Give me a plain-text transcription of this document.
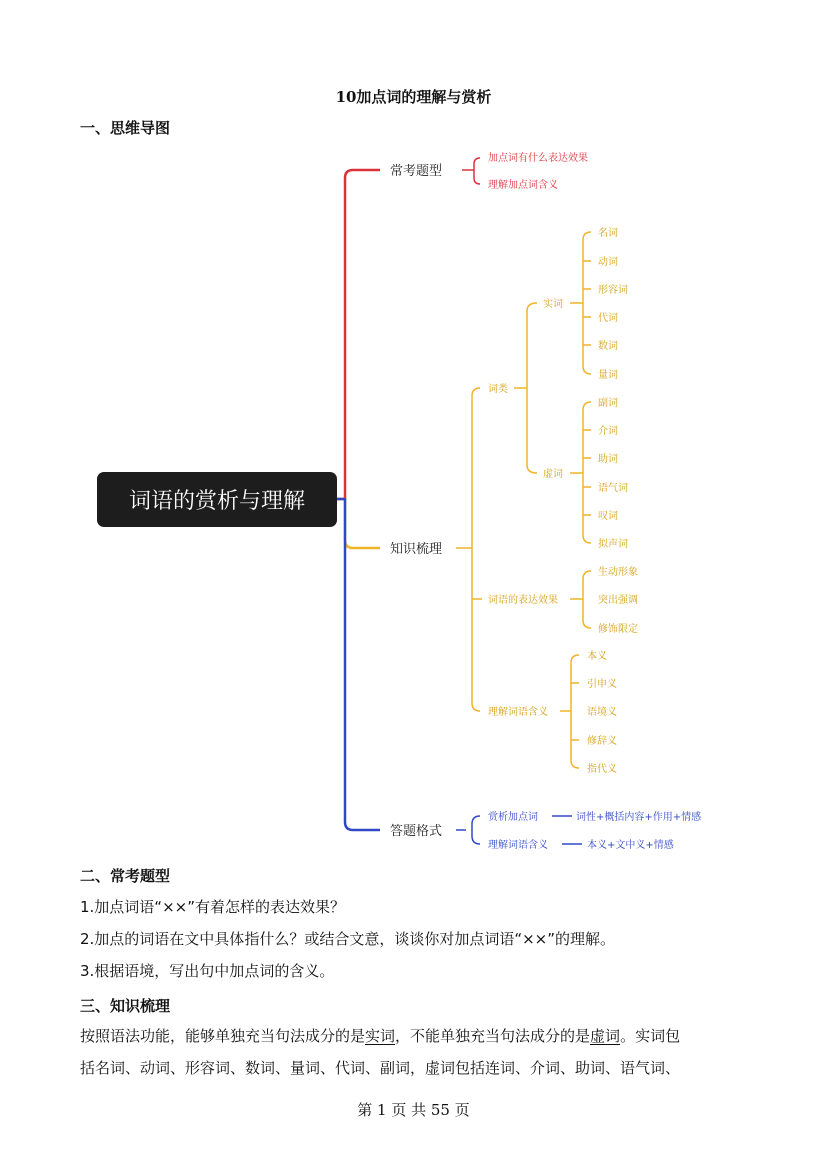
10加点词的理解与赏析
一、思维导图
词语的赏析与理解
常考题型
知识梳理
答题格式
加点词有什么表达效果
理解加点词含义
词类
词语的表达效果
理解词语含义
实词
虚词
名词
动词
形容词
代词
数词
量词
副词
介词
助词
语气词
叹词
拟声词
生动形象
突出强调
修饰限定
本义
引申义
语境义
修辞义
指代义
赏析加点词
理解词语含义
词性+概括内容+作用+情感
本义+文中义+情感
二、常考题型
1.加点词语“××”有着怎样的表达效果？
2.加点的词语在文中具体指什么？或结合文意，谈谈你对加点词语“××”的理解。
3.根据语境，写出句中加点词的含义。
三、知识梳理
按照语法功能，能够单独充当句法成分的是实词，不能单独充当句法成分的是虚词。实词包
括名词、动词、形容词、数词、量词、代词、副词，虚词包括连词、介词、助词、语气词、
第 1 页 共 55 页
